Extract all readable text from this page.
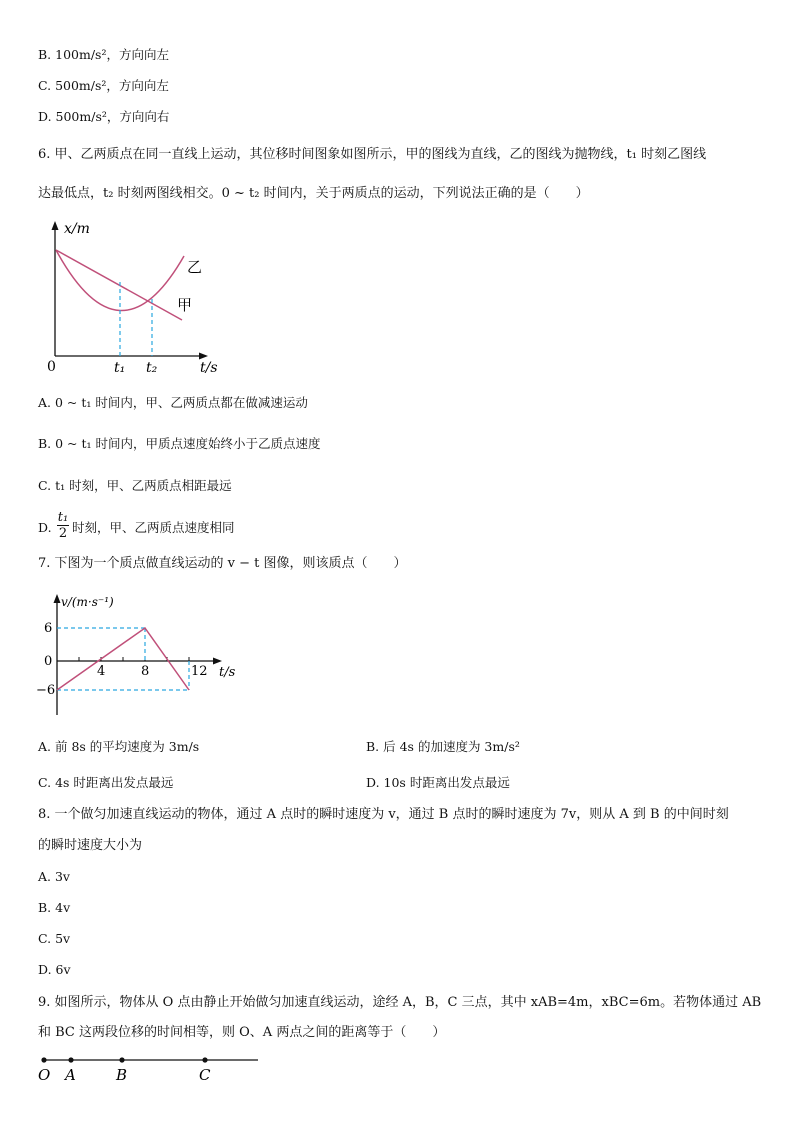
B. 100m/s²，方向向左
C. 500m/s²，方向向左
D. 500m/s²，方向向右
6. 甲、乙两质点在同一直线上运动，其位移时间图象如图所示，甲的图线为直线，乙的图线为抛物线，t₁ 时刻乙图线
达最低点，t₂ 时刻两图线相交。0 ~ t₂ 时间内，关于两质点的运动，下列说法正确的是（　　）
x/m
t/s
0	t₁ t₂
乙
甲
A. 0 ~ t₁ 时间内，甲、乙两质点都在做减速运动
B. 0 ~ t₁ 时间内，甲质点速度始终小于乙质点速度
C. t₁ 时刻，甲、乙两质点相距最远
D. $\frac{\text{t₁}}{2}$ 时刻，甲、乙两质点速度相同
7. 下图为一个质点做直线运动的 v − t 图像，则该质点（　　）
v/(m·s⁻¹)
t/s
6
0
−6
4	8	12
A. 前 8s 的平均速度为 3m/s	B. 后 4s 的加速度为 3m/s²
C. 4s 时距离出发点最远	D. 10s 时距离出发点最远
8. 一个做匀加速直线运动的物体，通过 A 点时的瞬时速度为 v，通过 B 点时的瞬时速度为 7v，则从 A 到 B 的中间时刻
的瞬时速度大小为
A. 3v
B. 4v
C. 5v
D. 6v
9. 如图所示，物体从 O 点由静止开始做匀加速直线运动，途经 A，B，C 三点，其中 xAB=4m，xBC=6m。若物体通过 AB
和 BC 这两段位移的时间相等，则 O、A 两点之间的距离等于（　　）
O A	B	C
